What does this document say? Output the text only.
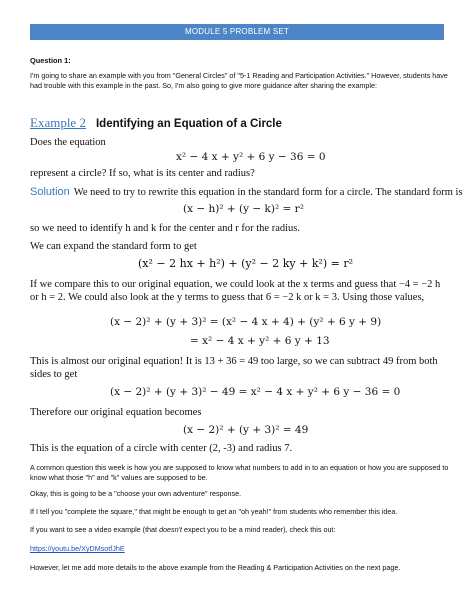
MODULE 5 PROBLEM SET
Question 1:
I'm going to share an example with you from "General Circles" of "5-1 Reading and Participation Activities." However, students have had trouble with this example in the past. So, I'm also going to give more guidance after sharing the example:
Example 2 Identifying an Equation of a Circle
Does the equation
x² − 4 x + y² + 6 y − 36 = 0
represent a circle? If so, what is its center and radius?
Solution We need to try to rewrite this equation in the standard form for a circle. The standard form is
(x − h)² + (y − k)² = r²
so we need to identify h and k for the center and r for the radius.
We can expand the standard form to get
(x² − 2 hx + h²) + (y² − 2 ky + k²) = r²
If we compare this to our original equation, we could look at the x terms and guess that −4 = −2 h or h = 2. We could also look at the y terms to guess that 6 = −2 k or k = 3. Using those values,
(x − 2)² + (y + 3)² = (x² − 4 x + 4) + (y² + 6 y + 9)
= x² − 4 x + y² + 6 y + 13
This is almost our original equation! It is 13 + 36 = 49 too large, so we can subtract 49 from both sides to get
(x − 2)² + (y + 3)² − 49 = x² − 4 x + y² + 6 y − 36 = 0
Therefore our original equation becomes
(x − 2)² + (y + 3)² = 49
This is the equation of a circle with center (2, -3) and radius 7.
A common question this week is how you are supposed to know what numbers to add in to an equation or how you are supposed to know what those "h" and "k" values are supposed to be.
Okay, this is going to be a "choose your own adventure" response.
If I tell you "complete the square," that might be enough to get an "oh yeah!" from students who remember this idea.
If you want to see a video example (that doesn't expect you to be a mind reader), check this out:
https://youtu.be/XyDMsotfJhE
However, let me add more details to the above example from the Reading & Participation Activities on the next page.
